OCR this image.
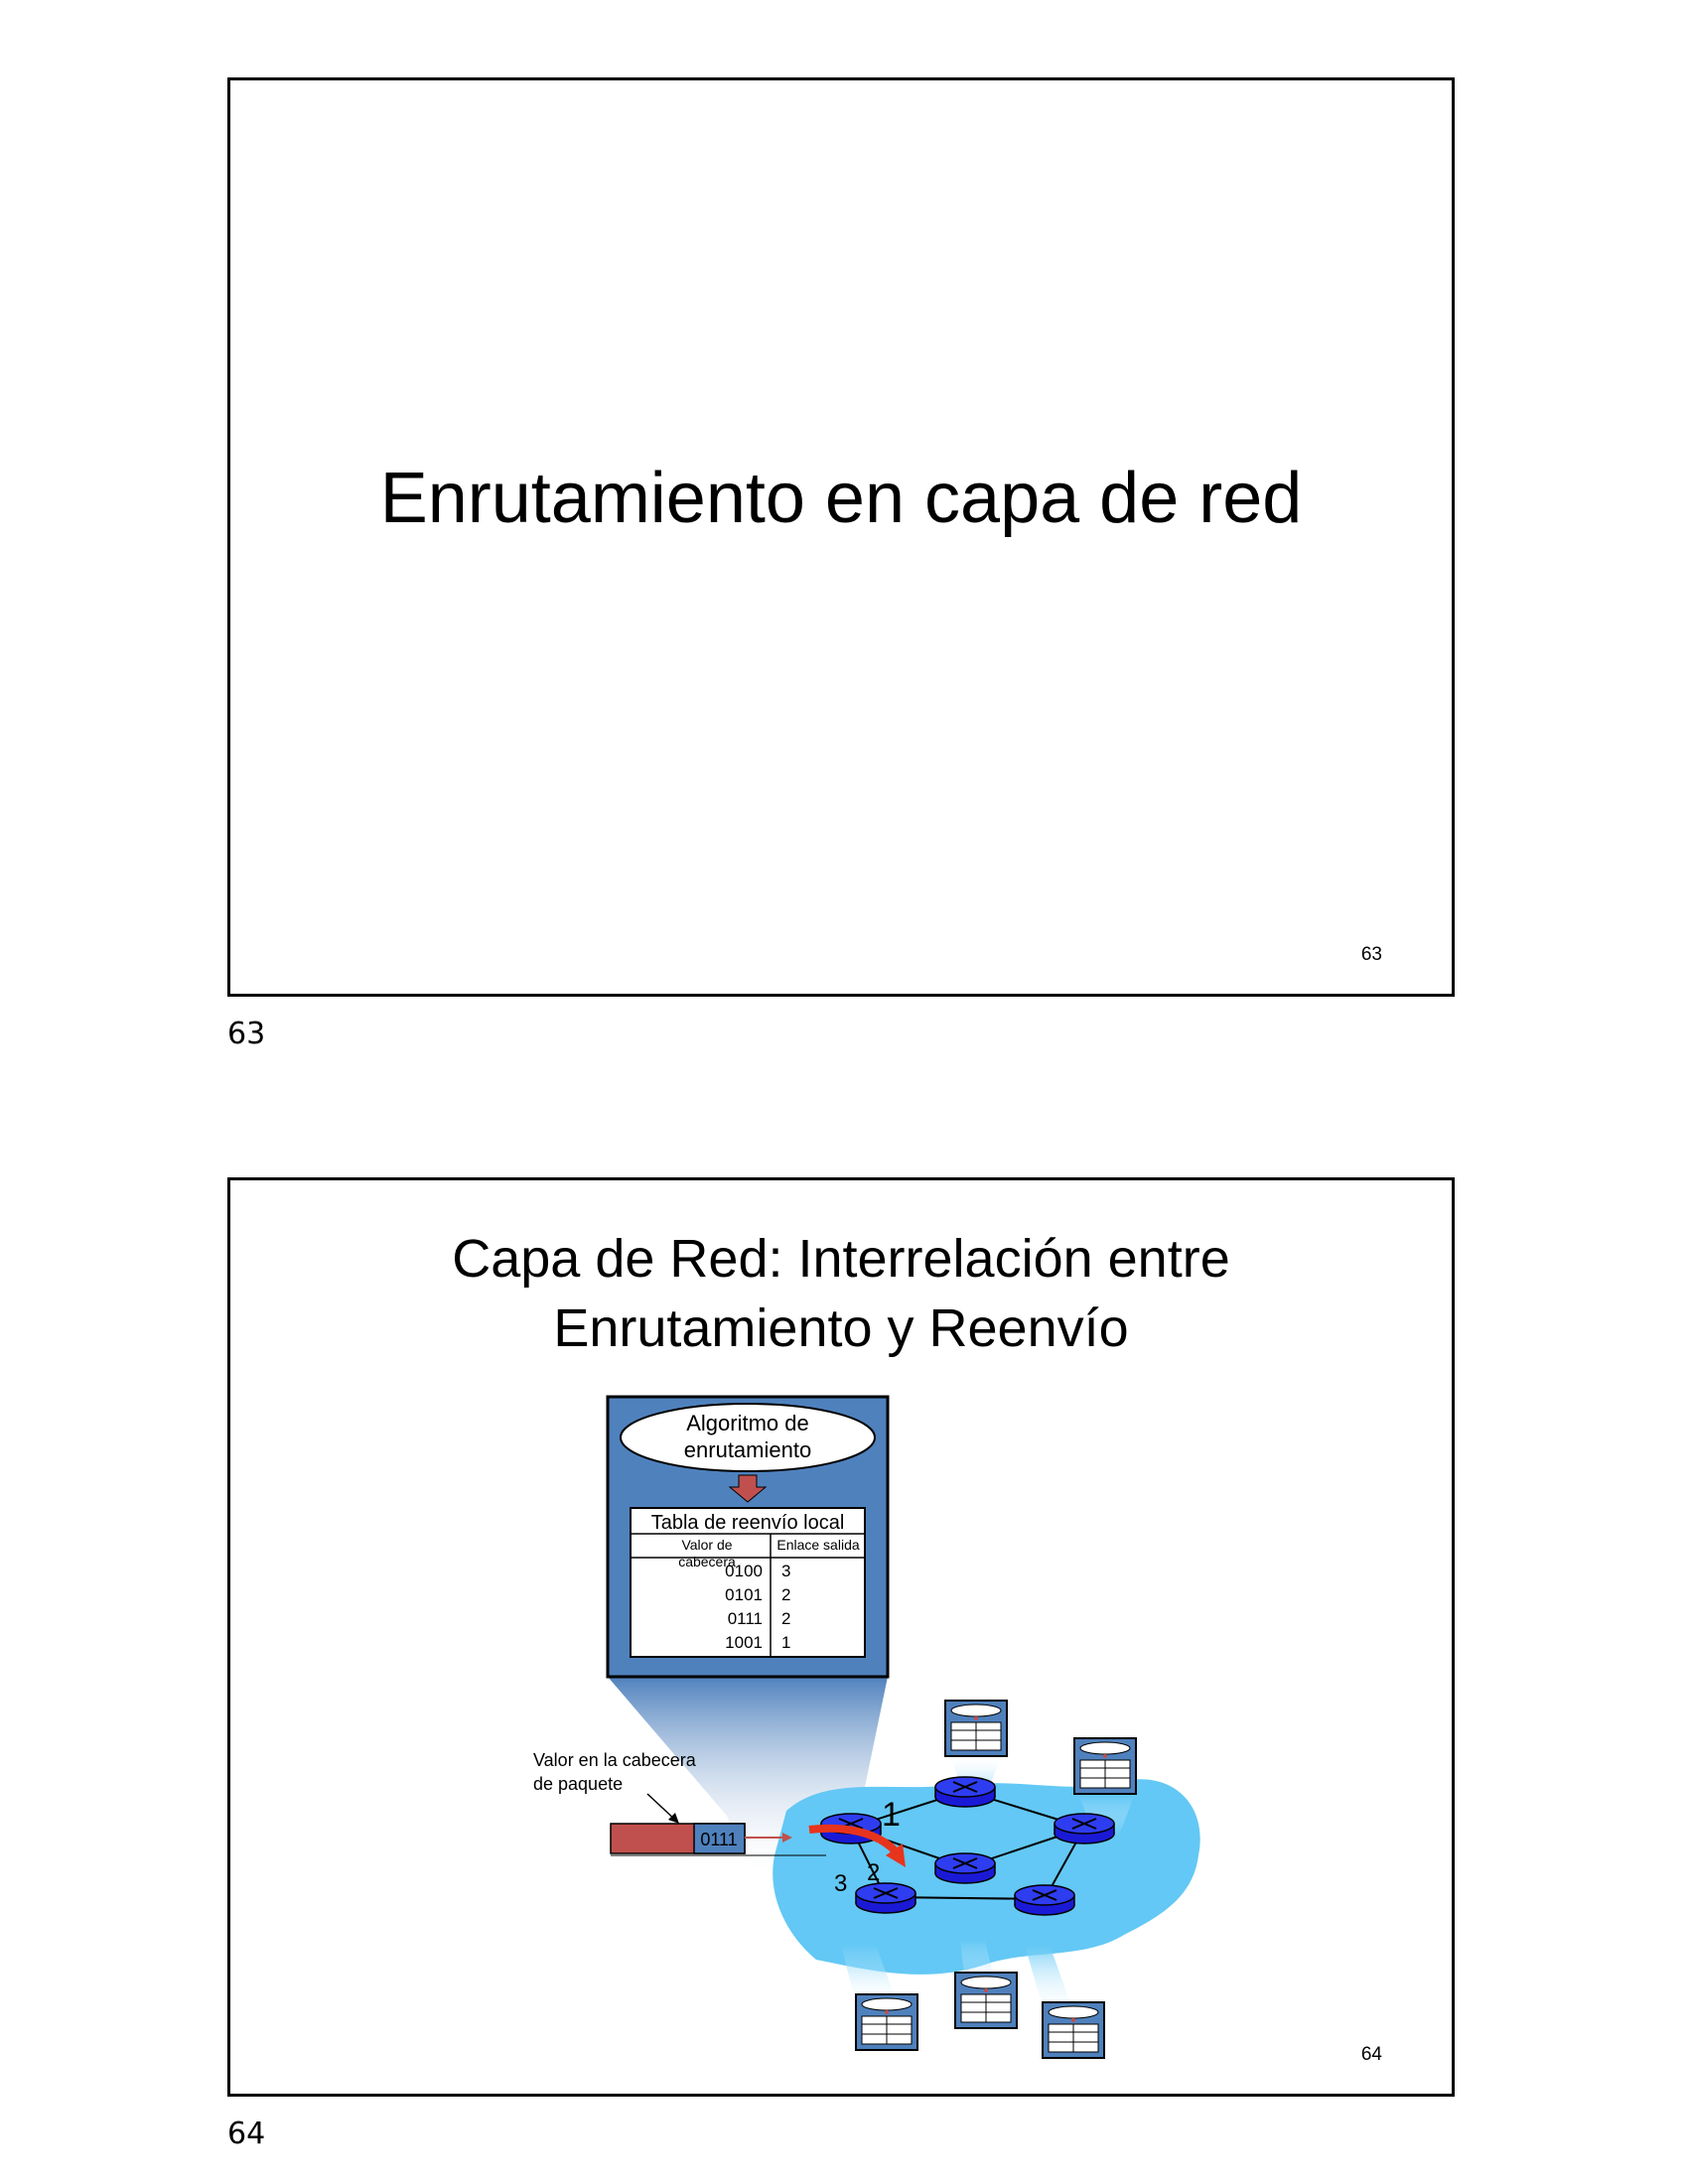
Enrutamiento en capa de red
63
63
Capa de Red: Interrelación entre
Enrutamiento y Reenvío
Algoritmo de
enrutamiento
Tabla de reenvío local
Valor de
cabecera
Enlace salida
0100 3
0101 2
0111 2
1001 1
Valor en la cabecera
de paquete
0111
1
2
3
64
64
